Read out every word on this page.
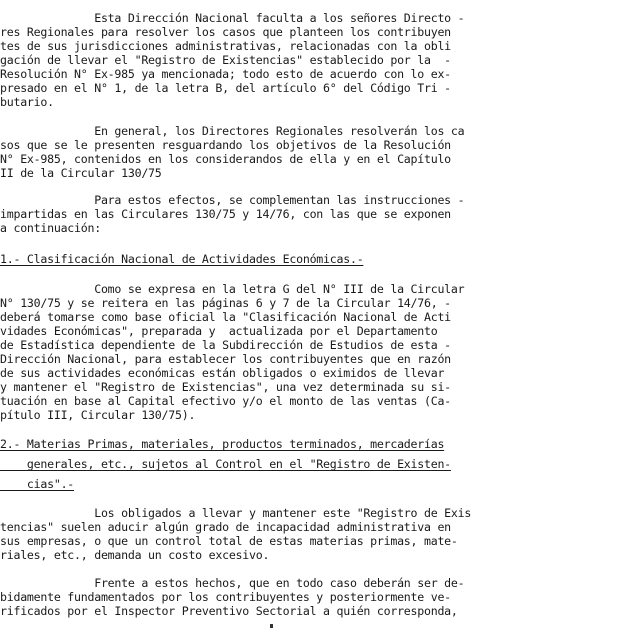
Esta Dirección Nacional faculta a los señores Directo -
res Regionales para resolver los casos que planteen los contribuyen
tes de sus jurisdicciones administrativas, relacionadas con la obli
gación de llevar el "Registro de Existencias" establecido por la  -
Resolución N° Ex-985 ya mencionada; todo esto de acuerdo con lo ex-
presado en el N° 1, de la letra B, del artículo 6° del Código Tri -
butario.
En general, los Directores Regionales resolverán los ca
sos que se le presenten resguardando los objetivos de la Resolución
N° Ex-985, contenidos en los considerandos de ella y en el Capítulo
II de la Circular 130/75
Para estos efectos, se complementan las instrucciones -
impartidas en las Circulares 130/75 y 14/76, con las que se exponen
a continuación:
1.- Clasificación Nacional de Actividades Económicas.-
Como se expresa en la letra G del N° III de la Circular
N° 130/75 y se reitera en las páginas 6 y 7 de la Circular 14/76, -
deberá tomarse como base oficial la "Clasificación Nacional de Acti
vidades Económicas", preparada y  actualizada por el Departamento
de Estadística dependiente de la Subdirección de Estudios de esta -
Dirección Nacional, para establecer los contribuyentes que en razón
de sus actividades económicas están obligados o eximidos de llevar
y mantener el "Registro de Existencias", una vez determinada su si-
tuación en base al Capital efectivo y/o el monto de las ventas (Ca-
pítulo III, Circular 130/75).
2.- Materias Primas, materiales, productos terminados, mercaderías
generales, etc., sujetos al Control en el "Registro de Existen-
cias".-
Los obligados a llevar y mantener este "Registro de Exis
tencias" suelen aducir algún grado de incapacidad administrativa en
sus empresas, o que un control total de estas materias primas, mate-
riales, etc., demanda un costo excesivo.
Frente a estos hechos, que en todo caso deberán ser de-
bidamente fundamentados por los contribuyentes y posteriormente ve-
rificados por el Inspector Preventivo Sectorial a quién corresponda,
